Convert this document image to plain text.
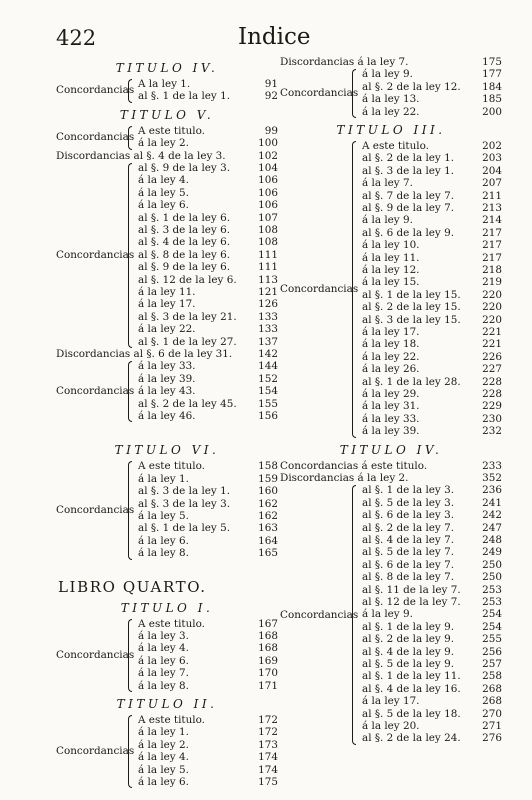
422	Indice
TITULO IV.
Concordancias
A la ley 1.	91
al §. 1 de la ley 1.	92
TITULO V.
Concordancias
A este titulo.	99
á la ley 2.	100
Discordancias al §. 4 de la ley 3.	102
Concordancias
al §. 9 de la ley 3.	104
á la ley 4.	106
á la ley 5.	106
á la ley 6.	106
al §. 1 de la ley 6.	107
al §. 3 de la ley 6.	108
al §. 4 de la ley 6.	108
al §. 8 de la ley 6.	111
al §. 9 de la ley 6.	111
al §. 12 de la ley 6. 113
á la ley 11.	121
á la ley 17.	126
al §. 3 de la ley 21. 133
á la ley 22.	133
al §. 1 de la ley 27. 137
Discordancias al §. 6 de la ley 31. 142
Concordancias
á la ley 33.	144
á la ley 39.	152
á la ley 43.	154
al §. 2 de la ley 45. 155
á la ley 46.	156
TITULO VI.
Concordancias
A este titulo.	158
á la ley 1.	159
al §. 3 de la ley 1.	160
al §. 3 de la ley 3.	162
á la ley 5.	162
al §. 1 de la ley 5.	163
á la ley 6.	164
á la ley 8.	165
LIBRO QUARTO.
TITULO I.
Concordancias
A este titulo.	167
á la ley 3.	168
á la ley 4.	168
á la ley 6.	169
á la ley 7.	170
á la ley 8.	171
TITULO II.
Concordancias
A este titulo.	172
á la ley 1.	172
á la ley 2.	173
á la ley 4.	174
á la ley 5.	174
á la ley 6.	175
Discordancias á la ley 7.	175
Concordancias
á la ley 9.	177
al §. 2 de la ley 12. 184
á la ley 13.	185
á la ley 22.	200
TITULO III.
Concordancias
A este titulo.	202
al §. 2 de la ley 1.	203
al §. 3 de la ley 1.	204
á la ley 7.	207
al §. 7 de la ley 7.	211
al §. 9 de la ley 7.	213
á la ley 9.	214
al §. 6 de la ley 9.	217
á la ley 10.	217
á la ley 11.	217
á la ley 12.	218
á la ley 15.	219
al §. 1 de la ley 15. 220
al §. 2 de la ley 15. 220
al §. 3 de la ley 15. 220
á la ley 17.	221
á la ley 18.	221
á la ley 22.	226
á la ley 26.	227
al §. 1 de la ley 28. 228
á la ley 29.	228
á la ley 31.	229
á la ley 33.	230
á la ley 39.	232
TITULO IV.
Concordancias á este titulo.	233
Discordancias á la ley 2.	352
Concordancias
al §. 1 de la ley 3.	236
al §. 5 de la ley 3.	241
al §. 6 de la ley 3.	242
al §. 2 de la ley 7.	247
al §. 4 de la ley 7.	248
al §. 5 de la ley 7.	249
al §. 6 de la ley 7.	250
al §. 8 de la ley 7.	250
al §. 11 de la ley 7. 253
al §. 12 de la ley 7. 253
á la ley 9.	254
al §. 1 de la ley 9.	254
al §. 2 de la ley 9.	255
al §. 4 de la ley 9.	256
al §. 5 de la ley 9.	257
al §. 1 de la ley 11. 258
al §. 4 de la ley 16. 268
á la ley 17.	268
al §. 5 de la ley 18. 270
á la ley 20.	271
al §. 2 de la ley 24. 276
